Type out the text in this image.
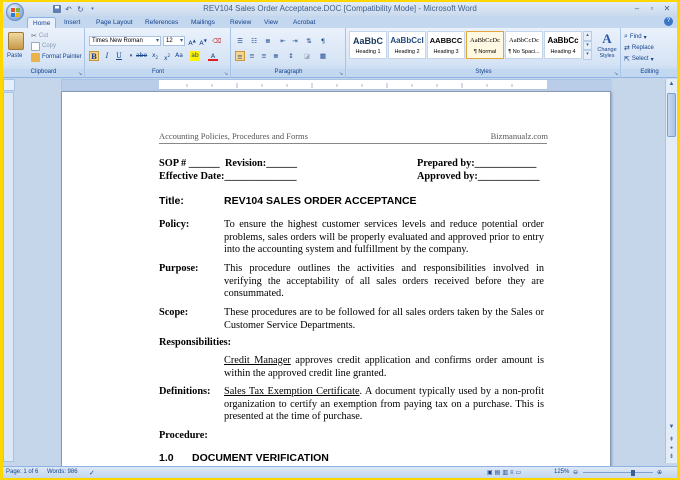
↶ ↻	▾	REV104 Sales Order Acceptance.DOC [Compatibility Mode] - Microsoft Word	–	▫	✕
Home	Insert	Page Layout	References	Mailings	Review	View	Acrobat	?
Paste
✂ Cut
Copy
Format Painter
Clipboard	↘
Times New Roman ▾	12 ▾ A▲ A▼ ⌫
B	I	U	▾ abe $x_2$ $x^2$ Aa ab	A
Font	↘
☰	☷	≣	⇤	⇥	⇅	¶
≡	≡	≡	≣	↕	◪ ▦
Paragraph	↘
AaBbC
Heading 1
AaBbCcI
Heading 2
AABBCC
Heading 3
AaBbCcDc
¶ Normal
AaBbCcDc
¶ No Spaci...
AaBbCc
Heading 4
▴
▾
▾
A
Change Styles
Styles	↘
⌕ Find ▾
⇄ Replace
⇱ Select ▾
Editing
▲
▼
⇞
●
⇟
Accounting Policies, Procedures and Forms	Bizmanualz.com
SOP # ______ Revision:______	Prepared by:____________
Effective Date:______________	Approved by:____________
Title:	REV104 SALES ORDER ACCEPTANCE
Policy:	To ensure the highest customer services levels and reduce potential order problems, sales orders will be properly evaluated and approved prior to entry into the accounting system and fulfillment by the company.
Purpose: This procedure outlines the activities and responsibilities involved in verifying the acceptability of all sales orders received before they are consummated.
Scope:	These procedures are to be followed for all sales orders taken by the Sales or Customer Service Departments.
Responsibilities:
Credit Manager approves credit application and confirms order amount is within the approved credit line granted.
Definitions: Sales Tax Exemption Certificate. A document typically used by a non-profit organization to certify an exemption from paying tax on a purchase. This is presented at the time of purchase.
Procedure:
1.0 DOCUMENT VERIFICATION
Page: 1 of 6 Words: 986 ✓	▣▤▥≡▭	125% ⊖	⊕
